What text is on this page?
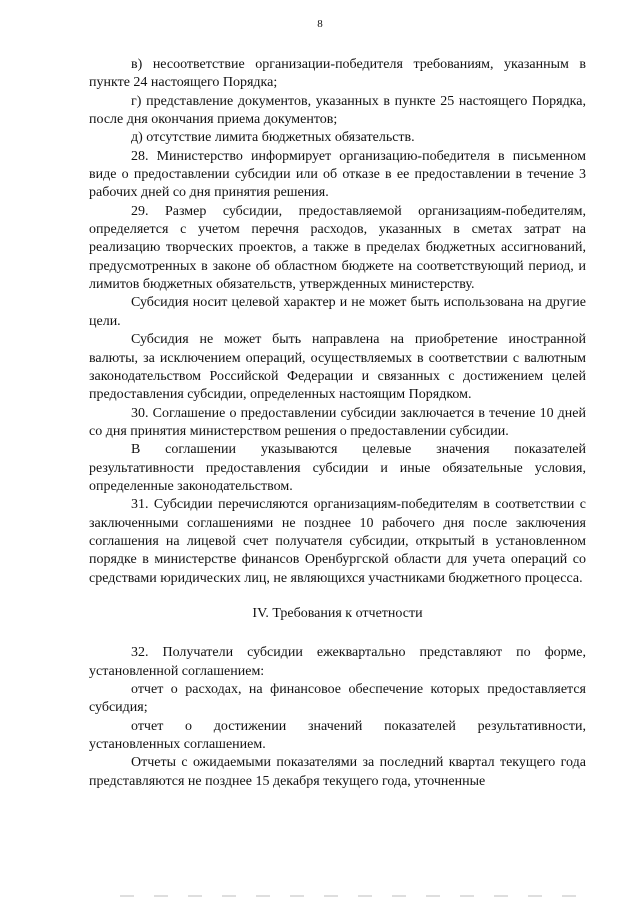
8

в) несоответствие организации-победителя требованиям, указанным в пункте 24 настоящего Порядка;

г) представление документов, указанных в пункте 25 настоящего Порядка, после дня окончания приема документов;

д) отсутствие лимита бюджетных обязательств.

28. Министерство информирует организацию-победителя в письменном виде о предоставлении субсидии или об отказе в ее предоставлении в течение 3 рабочих дней со дня принятия решения.

29. Размер субсидии, предоставляемой организациям-победителям, определяется с учетом перечня расходов, указанных в сметах затрат на реализацию творческих проектов, а также в пределах бюджетных ассигнований, предусмотренных в законе об областном бюджете на соответствующий период, и лимитов бюджетных обязательств, утвержденных министерству.

Субсидия носит целевой характер и не может быть использована на другие цели.

Субсидия не может быть направлена на приобретение иностранной валюты, за исключением операций, осуществляемых в соответствии с валютным законодательством Российской Федерации и связанных с достижением целей предоставления субсидии, определенных настоящим Порядком.

30. Соглашение о предоставлении субсидии заключается в течение 10 дней со дня принятия министерством решения о предоставлении субсидии.

В соглашении указываются целевые значения показателей результативности предоставления субсидии и иные обязательные условия, определенные законодательством.

31. Субсидии перечисляются организациям-победителям в соответствии с заключенными соглашениями не позднее 10 рабочего дня после заключения соглашения на лицевой счет получателя субсидии, открытый в установленном порядке в министерстве финансов Оренбургской области для учета операций со средствами юридических лиц, не являющихся участниками бюджетного процесса.

IV. Требования к отчетности

32. Получатели субсидии ежеквартально представляют по форме, установленной соглашением:

отчет о расходах, на финансовое обеспечение которых предоставляется субсидия;

отчет о достижении значений показателей результативности, установленных соглашением.

Отчеты с ожидаемыми показателями за последний квартал текущего года представляются не позднее 15 декабря текущего года, уточненные
